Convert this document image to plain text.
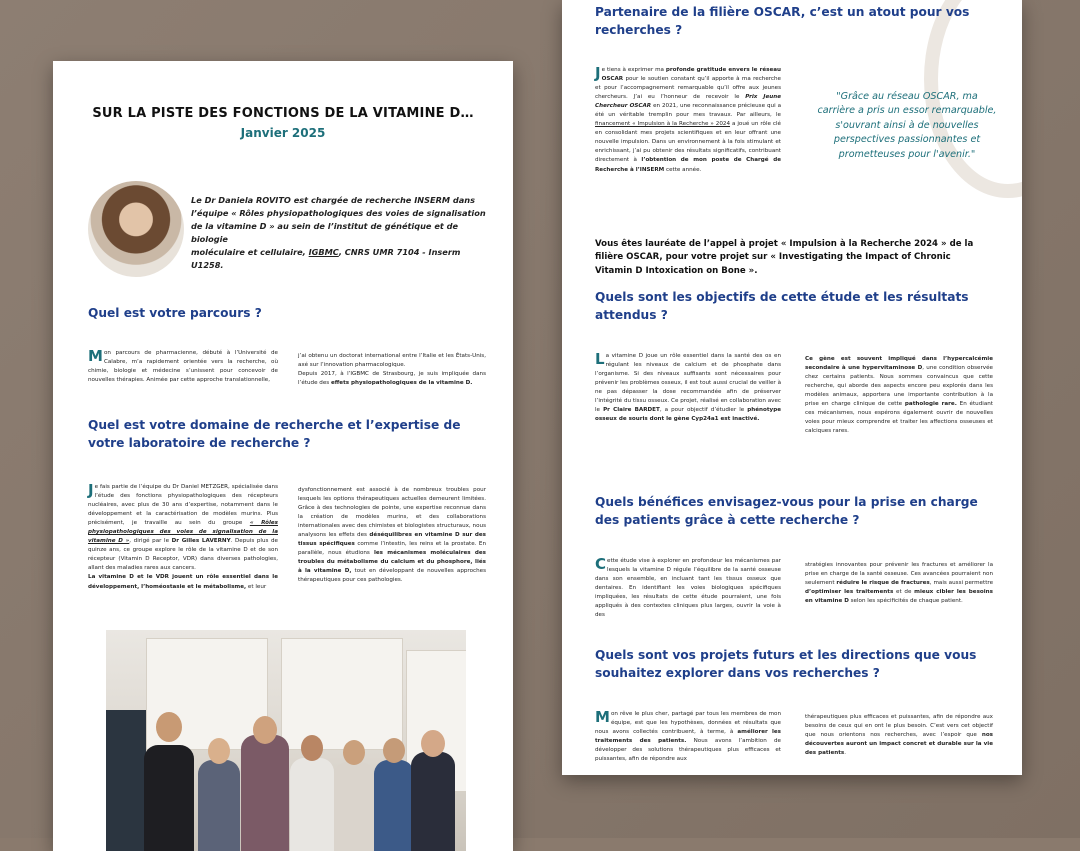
SUR LA PISTE DES FONCTIONS DE LA VITAMINE D…
Janvier 2025
Le Dr Daniela ROVITO est chargée de recherche INSERM dans
l’équipe « Rôles physiopathologiques des voies de signalisation
de la vitamine D » au sein de l’institut de génétique et de biologie
moléculaire et cellulaire, IGBMC, CNRS UMR 7104 - Inserm
U1258.
Quel est votre parcours ?
Mon parcours de pharmacienne, débuté à l’Université de Calabre, m’a rapidement orientée vers la recherche, où chimie, biologie et médecine s’unissent pour concevoir de nouvelles thérapies. Animée par cette approche translationnelle,
j’ai obtenu un doctorat international entre l’Italie et les États-Unis, axé sur l’innovation pharmacologique.
Depuis 2017, à l’IGBMC de Strasbourg, je suis impliquée dans l’étude des effets physiopathologiques de la vitamine D.
Quel est votre domaine de recherche et l’expertise de votre laboratoire de recherche ?
Je fais partie de l’équipe du Dr Daniel METZGER, spécialisée dans l’étude des fonctions physiopathologiques des récepteurs nucléaires, avec plus de 30 ans d’expertise, notamment dans le développement et la caractérisation de modèles murins. Plus précisément, je travaille au sein du groupe « Rôles physiopathologiques des voies de signalisation de la vitamine D », dirigé par le Dr Gilles LAVERNY. Depuis plus de quinze ans, ce groupe explore le rôle de la vitamine D et de son récepteur (Vitamin D Receptor, VDR) dans diverses pathologies, allant des maladies rares aux cancers.
La vitamine D et le VDR jouent un rôle essentiel dans le développement, l’homéostasie et le métabolisme, et leur
dysfonctionnement est associé à de nombreux troubles pour lesquels les options thérapeutiques actuelles demeurent limitées. Grâce à des technologies de pointe, une expertise reconnue dans la création de modèles murins, et des collaborations internationales avec des chimistes et biologistes structuraux, nous analysons les effets des déséquilibres en vitamine D sur des tissus spécifiques comme l’intestin, les reins et la prostate. En parallèle, nous étudions les mécanismes moléculaires des troubles du métabolisme du calcium et du phosphore, liés à la vitamine D, tout en développant de nouvelles approches thérapeutiques pour ces pathologies.
Partenaire de la filière OSCAR, c’est un atout pour vos recherches ?
Je tiens à exprimer ma profonde gratitude envers le réseau OSCAR pour le soutien constant qu’il apporte à ma recherche et pour l’accompagnement remarquable qu’il offre aux jeunes chercheurs. J’ai eu l’honneur de recevoir le Prix Jeune Chercheur OSCAR en 2021, une reconnaissance précieuse qui a été un véritable tremplin pour mes travaux. Par ailleurs, le financement « Impulsion à la Recherche » 2024 a joué un rôle clé en consolidant mes projets scientifiques et en leur offrant une nouvelle impulsion. Dans un environnement à la fois stimulant et enrichissant, j’ai pu obtenir des résultats significatifs, contribuant directement à l’obtention de mon poste de Chargé de Recherche à l’INSERM cette année.
"Grâce au réseau OSCAR, ma carrière a pris un essor remarquable, s'ouvrant ainsi à de nouvelles perspectives passionnantes et prometteuses pour l'avenir."
Vous êtes lauréate de l’appel à projet « Impulsion à la Recherche 2024 » de la filière OSCAR, pour votre projet sur « Investigating the Impact of Chronic Vitamin D Intoxication on Bone ».
Quels sont les objectifs de cette étude et les résultats attendus ?
La vitamine D joue un rôle essentiel dans la santé des os en régulant les niveaux de calcium et de phosphate dans l’organisme. Si des niveaux suffisants sont nécessaires pour prévenir les problèmes osseux, il est tout aussi crucial de veiller à ne pas dépasser la dose recommandée afin de préserver l’intégrité du tissu osseux. Ce projet, réalisé en collaboration avec le Pr Claire BARDET, a pour objectif d’étudier le phénotype osseux de souris dont le gène Cyp24a1 est inactivé.
Ce gène est souvent impliqué dans l’hypercalcémie secondaire à une hypervitaminose D, une condition observée chez certains patients. Nous sommes convaincus que cette recherche, qui aborde des aspects encore peu explorés dans les modèles animaux, apportera une importante contribution à la prise en charge clinique de cette pathologie rare. En étudiant ces mécanismes, nous espérons également ouvrir de nouvelles voies pour mieux comprendre et traiter les affections osseuses et calciques rares.
Quels bénéfices envisagez-vous pour la prise en charge des patients grâce à cette recherche ?
Cette étude vise à explorer en profondeur les mécanismes par lesquels la vitamine D régule l’équilibre de la santé osseuse dans son ensemble, en incluant tant les tissus osseux que dentaires. En identifiant les voies biologiques spécifiques impliquées, les résultats de cette étude pourraient, une fois appliqués à des contextes cliniques plus larges, ouvrir la voie à des
stratégies innovantes pour prévenir les fractures et améliorer la prise en charge de la santé osseuse. Ces avancées pourraient non seulement réduire le risque de fractures, mais aussi permettre d’optimiser les traitements et de mieux cibler les besoins en vitamine D selon les spécificités de chaque patient.
Quels sont vos projets futurs et les directions que vous souhaitez explorer dans vos recherches ?
Mon rêve le plus cher, partagé par tous les membres de mon équipe, est que les hypothèses, données et résultats que nous avons collectés contribuent, à terme, à améliorer les traitements des patients. Nous avons l’ambition de développer des solutions thérapeutiques plus efficaces et puissantes, afin de répondre aux
thérapeutiques plus efficaces et puissantes, afin de répondre aux besoins de ceux qui en ont le plus besoin. C’est vers cet objectif que nous orientons nos recherches, avec l’espoir que nos découvertes auront un impact concret et durable sur la vie des patients.
